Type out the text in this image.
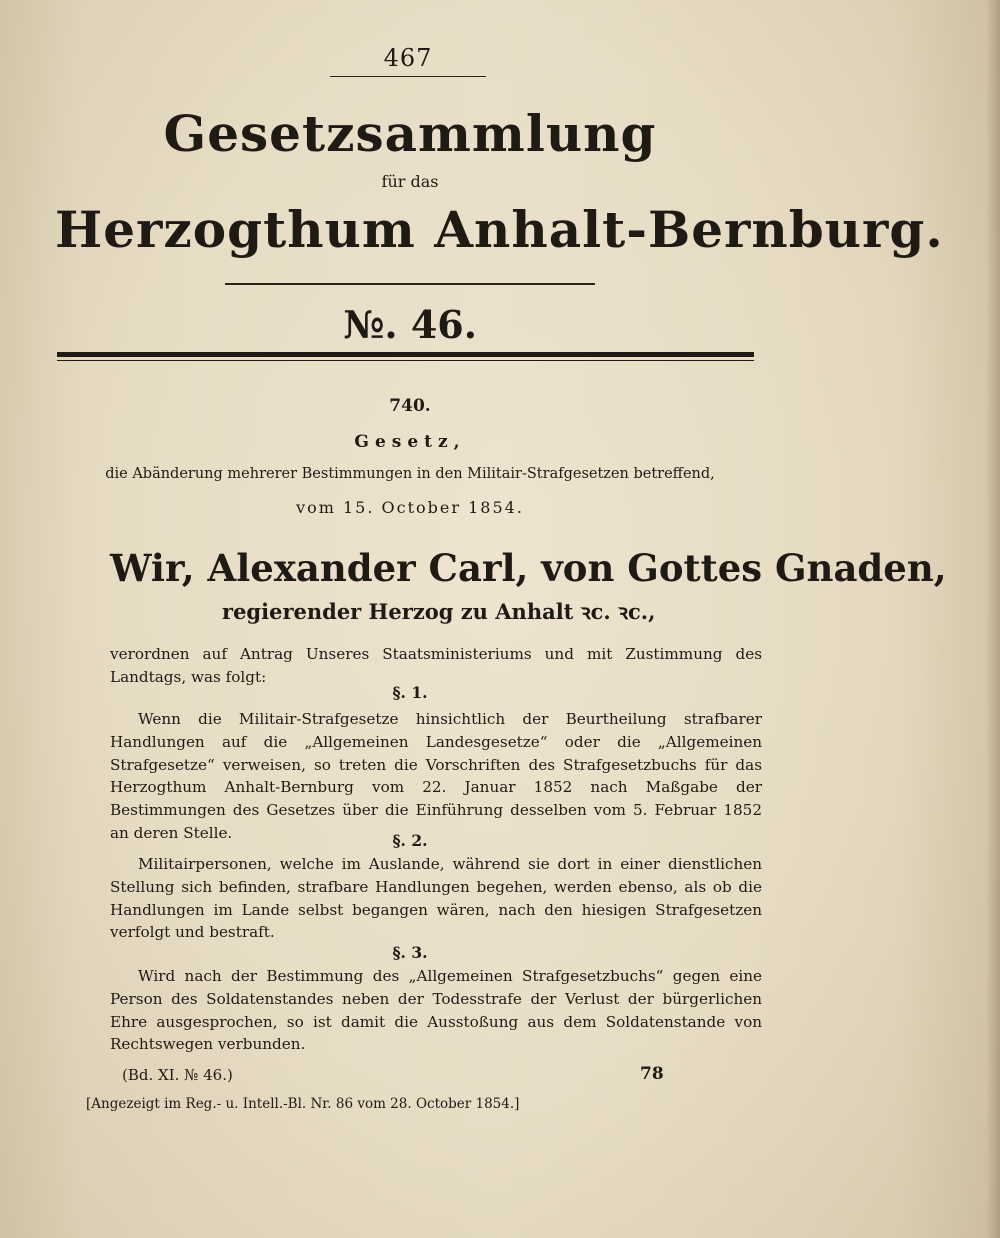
467
Gesetzsammlung
für das
Herzogthum Anhalt-Bernburg.
№. 46.
740.
Gesetz,
die Abänderung mehrerer Bestimmungen in den Militair-Strafgesetzen betreffend,
vom 15. October 1854.
Wir, Alexander Carl, von Gottes Gnaden,
regierender Herzog zu Anhalt ꝛc. ꝛc.,
verordnen auf Antrag Unseres Staatsministeriums und mit Zustimmung des Landtags, was folgt:
§. 1.
Wenn die Militair-Strafgesetze hinsichtlich der Beurtheilung strafbarer Handlungen auf die „Allgemeinen Landesgesetze“ oder die „Allgemeinen Strafgesetze“ verweisen, so treten die Vorschriften des Strafgesetzbuchs für das Herzogthum Anhalt-Bernburg vom 22. Januar 1852 nach Maßgabe der Bestimmungen des Gesetzes über die Einführung desselben vom 5. Februar 1852 an deren Stelle.	§. 2.
Militairpersonen, welche im Auslande, während sie dort in einer dienstlichen Stellung sich befinden, strafbare Handlungen begehen, werden ebenso, als ob die Handlungen im Lande selbst begangen wären, nach den hiesigen Strafgesetzen verfolgt und bestraft.
§. 3.
Wird nach der Bestimmung des „Allgemeinen Strafgesetzbuchs“ gegen eine Person des Soldatenstandes neben der Todesstrafe der Verlust der bürgerlichen Ehre ausgesprochen, so ist damit die Ausstoßung aus dem Soldatenstande von Rechtswegen verbunden.
(Bd. XI. № 46.)	78
[Angezeigt im Reg.- u. Intell.-Bl. Nr. 86 vom 28. October 1854.]
